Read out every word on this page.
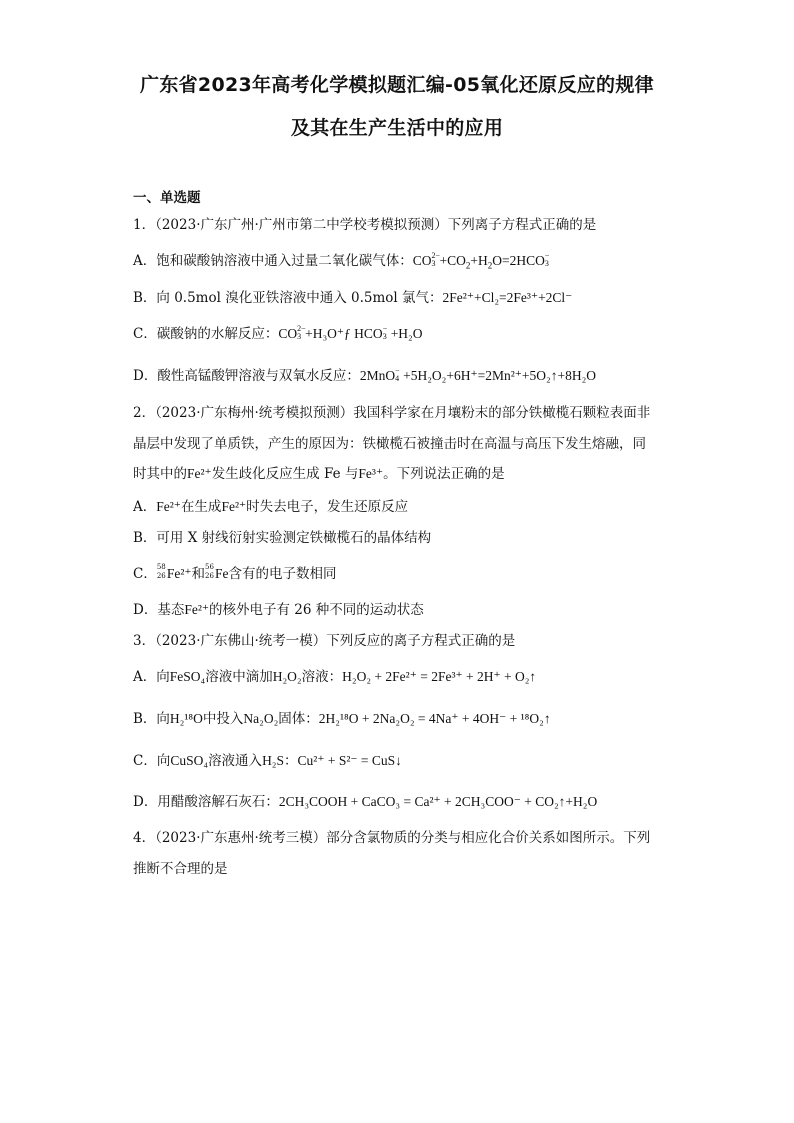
广东省2023年高考化学模拟题汇编-05氧化还原反应的规律
及其在生产生活中的应用
一、单选题
1．（2023·广东广州·广州市第二中学校考模拟预测）下列离子方程式正确的是
A．饱和碳酸钠溶液中通入过量二氧化碳气体：CO 2−
$3 +CO_2+H_2O=2HCO$ −
3
B．向 0.5mol 溴化亚铁溶液中通入 0.5mol 氯气：2Fe²⁺+Cl₂=2Fe³⁺+2Cl⁻
C．碳酸钠的水解反应：CO 2−
3 +H₃O⁺ƒ HCO −
3 +H₂O
D．酸性高锰酸钾溶液与双氧水反应：2MnO −
4 +5H₂O₂+6H⁺=2Mn²⁺+5O₂↑+8H₂O
2．（2023·广东梅州·统考模拟预测）我国科学家在月壤粉末的部分铁橄榄石颗粒表面非
晶层中发现了单质铁，产生的原因为：铁橄榄石被撞击时在高温与高压下发生熔融，同
时其中的Fe²⁺发生歧化反应生成 Fe 与Fe³⁺。下列说法正确的是
A．Fe²⁺在生成Fe²⁺时失去电子，发生还原反应
B．可用 X 射线衍射实验测定铁橄榄石的晶体结构
C． 58
26 Fe²⁺和 56
26 Fe含有的电子数相同
D．基态Fe²⁺的核外电子有 26 种不同的运动状态
3．（2023·广东佛山·统考一模）下列反应的离子方程式正确的是
A．向FeSO₄溶液中滴加H₂O₂溶液：H₂O₂ + 2Fe²⁺ = 2Fe³⁺ + 2H⁺ + O₂↑
B．向H₂¹⁸O中投入Na₂O₂固体：2H₂¹⁸O + 2Na₂O₂ = 4Na⁺ + 4OH⁻ + ¹⁸O₂↑
C．向CuSO₄溶液通入H₂S：Cu²⁺ + S²⁻ = CuS↓
D．用醋酸溶解石灰石：2CH₃COOH + CaCO₃ = Ca²⁺ + 2CH₃COO⁻ + CO₂↑+H₂O
4．（2023·广东惠州·统考三模）部分含氯物质的分类与相应化合价关系如图所示。下列
推断不合理的是
